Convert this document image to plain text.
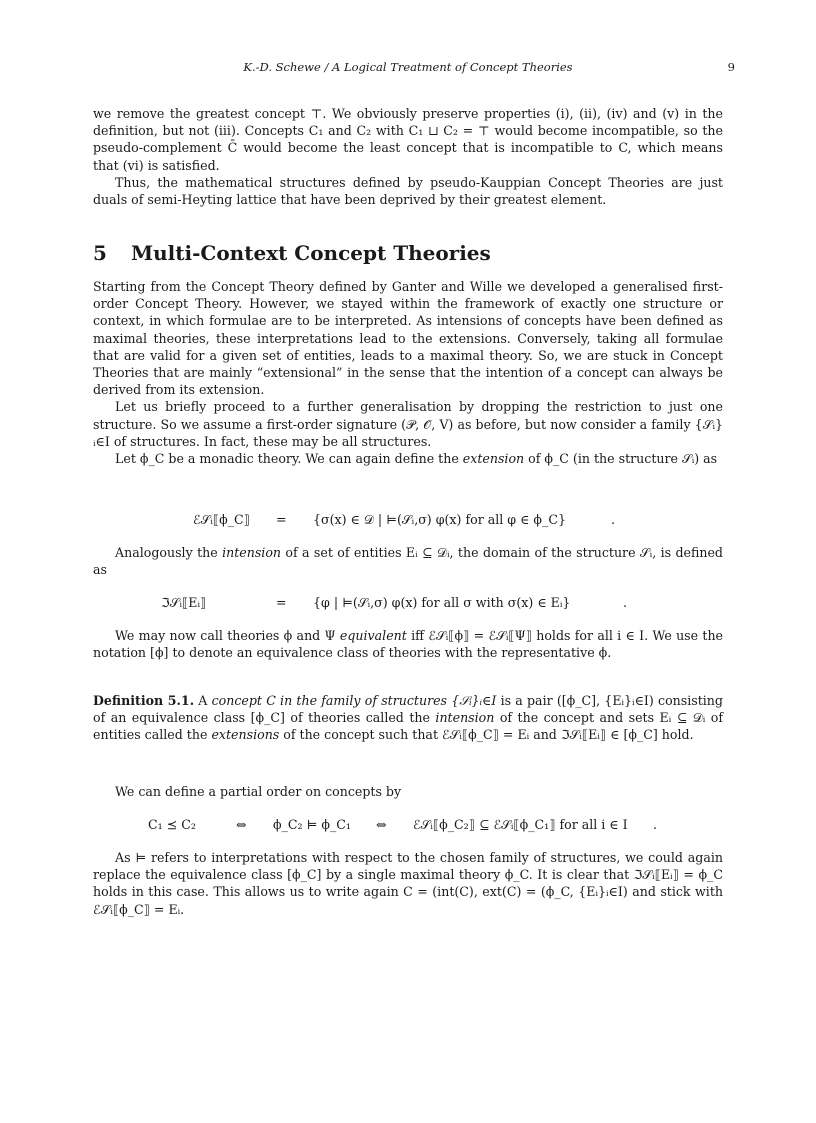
K.-D. Schewe / A Logical Treatment of Concept Theories	9

we remove the greatest concept ⊤. We obviously preserve properties (i), (ii), (iv) and (v) in the definition, but not (iii). Concepts C₁ and C₂ with C₁ ⊔ C₂ = ⊤ would become incompatible, so the pseudo-complement C̄ would become the least concept that is incompatible to C, which means that (vi) is satisfied.

Thus, the mathematical structures defined by pseudo-Kauppian Concept Theories are just duals of semi-Heyting lattice that have been deprived by their greatest element.

5 Multi-Context Concept Theories

Starting from the Concept Theory defined by Ganter and Wille we developed a generalised first-order Concept Theory. However, we stayed within the framework of exactly one structure or context, in which formulae are to be interpreted. As intensions of concepts have been defined as maximal theories, these interpretations lead to the extensions. Conversely, taking all formulae that are valid for a given set of entities, leads to a maximal theory. So, we are stuck in Concept Theories that are mainly “extensional” in the sense that the intention of a concept can always be derived from its extension.

Let us briefly proceed to a further generalisation by dropping the restriction to just one structure. So we assume a first-order signature (𝒫, 𝒪, V) as before, but now consider a family {𝒮ᵢ}ᵢ∈I of structures. In fact, these may be all structures.

Let ϕ_C be a monadic theory. We can again define the extension of ϕ_C (in the structure 𝒮ᵢ) as

ℰ𝒮ᵢ⟦ϕ_C⟧ = {σ(x) ∈ 𝒟 | ⊨(𝒮ᵢ,σ) φ(x) for all φ ∈ ϕ_C}	.

Analogously the intension of a set of entities Eᵢ ⊆ 𝒟ᵢ, the domain of the structure 𝒮ᵢ, is defined as

ℑ𝒮ᵢ⟦Eᵢ⟧	= {φ | ⊨(𝒮ᵢ,σ) φ(x) for all σ with σ(x) ∈ Eᵢ}	.

We may now call theories ϕ and Ψ equivalent iff ℰ𝒮ᵢ⟦ϕ⟧ = ℰ𝒮ᵢ⟦Ψ⟧ holds for all i ∈ I. We use the notation [ϕ] to denote an equivalence class of theories with the representative ϕ.

Definition 5.1. A concept C in the family of structures {𝒮ᵢ}ᵢ∈I is a pair ([ϕ_C], {Eᵢ}ᵢ∈I) consisting of an equivalence class [ϕ_C] of theories called the intension of the concept and sets Eᵢ ⊆ 𝒟ᵢ of entities called the extensions of the concept such that ℰ𝒮ᵢ⟦ϕ_C⟧ = Eᵢ and ℑ𝒮ᵢ⟦Eᵢ⟧ ∈ [ϕ_C] hold.

We can define a partial order on concepts by

C₁ ⪯ C₂	⇔ ϕ_C₂ ⊨ ϕ_C₁ ⇔ ℰ𝒮ᵢ⟦ϕ_C₂⟧ ⊆ ℰ𝒮ᵢ⟦ϕ_C₁⟧ for all i ∈ I .

As ⊨ refers to interpretations with respect to the chosen family of structures, we could again replace the equivalence class [ϕ_C] by a single maximal theory ϕ_C. It is clear that ℑ𝒮ᵢ⟦Eᵢ⟧ = ϕ_C holds in this case. This allows us to write again C = (int(C), ext(C) = (ϕ_C, {Eᵢ}ᵢ∈I) and stick with ℰ𝒮ᵢ⟦ϕ_C⟧ = Eᵢ.
